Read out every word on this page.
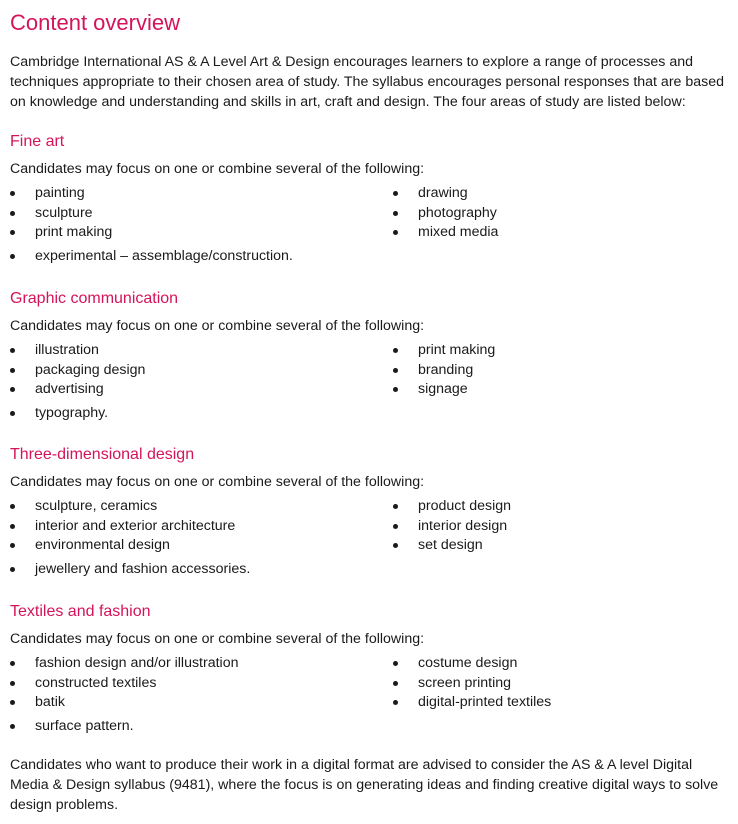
Content overview

Cambridge International AS & A Level Art & Design encourages learners to explore a range of processes and techniques appropriate to their chosen area of study. The syllabus encourages personal responses that are based on knowledge and understanding and skills in art, craft and design. The four areas of study are listed below:

Fine art

Candidates may focus on one or combine several of the following:

painting
sculpture
print making
experimental – assemblage/construction.
drawing
photography
mixed media
Graphic communication

Candidates may focus on one or combine several of the following:

illustration
packaging design
advertising
typography.
print making
branding
signage
Three-dimensional design

Candidates may focus on one or combine several of the following:

sculpture, ceramics
interior and exterior architecture
environmental design
jewellery and fashion accessories.
product design
interior design
set design
Textiles and fashion

Candidates may focus on one or combine several of the following:

fashion design and/or illustration
constructed textiles
batik
surface pattern.
costume design
screen printing
digital-printed textiles

Candidates who want to produce their work in a digital format are advised to consider the AS & A level Digital Media & Design syllabus (9481), where the focus is on generating ideas and finding creative digital ways to solve design problems.
